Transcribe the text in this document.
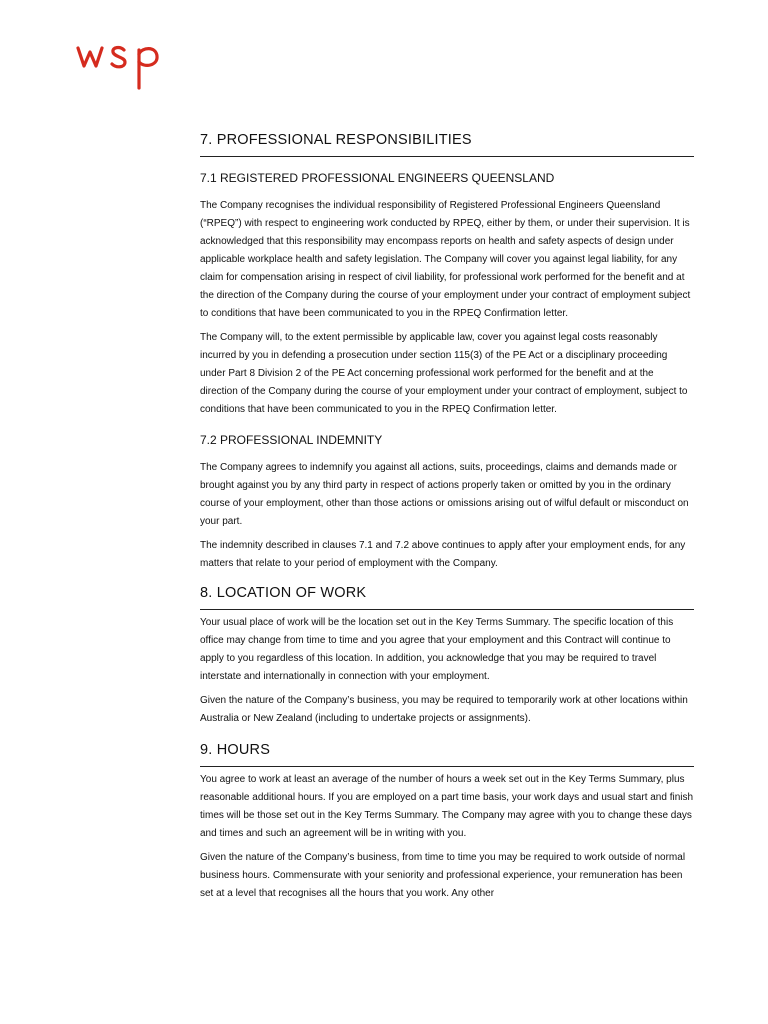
7. PROFESSIONAL RESPONSIBILITIES
7.1 REGISTERED PROFESSIONAL ENGINEERS QUEENSLAND

The Company recognises the individual responsibility of Registered Professional Engineers Queensland (“RPEQ”) with respect to engineering work conducted by RPEQ, either by them, or under their supervision. It is acknowledged that this responsibility may encompass reports on health and safety aspects of design under applicable workplace health and safety legislation. The Company will cover you against legal liability, for any claim for compensation arising in respect of civil liability, for professional work performed for the benefit and at the direction of the Company during the course of your employment under your contract of employment subject to conditions that have been communicated to you in the RPEQ Confirmation letter.

The Company will, to the extent permissible by applicable law, cover you against legal costs reasonably incurred by you in defending a prosecution under section 115(3) of the PE Act or a disciplinary proceeding under Part 8 Division 2 of the PE Act concerning professional work performed for the benefit and at the direction of the Company during the course of your employment under your contract of employment, subject to conditions that have been communicated to you in the RPEQ Confirmation letter.

7.2 PROFESSIONAL INDEMNITY

The Company agrees to indemnify you against all actions, suits, proceedings, claims and demands made or brought against you by any third party in respect of actions properly taken or omitted by you in the ordinary course of your employment, other than those actions or omissions arising out of wilful default or misconduct on your part.

The indemnity described in clauses 7.1 and 7.2 above continues to apply after your employment ends, for any matters that relate to your period of employment with the Company.

8. LOCATION OF WORK

Your usual place of work will be the location set out in the Key Terms Summary. The specific location of this office may change from time to time and you agree that your employment and this Contract will continue to apply to you regardless of this location. In addition, you acknowledge that you may be required to travel interstate and internationally in connection with your employment.

Given the nature of the Company’s business, you may be required to temporarily work at other locations within Australia or New Zealand (including to undertake projects or assignments).

9. HOURS

You agree to work at least an average of the number of hours a week set out in the Key Terms Summary, plus reasonable additional hours. If you are employed on a part time basis, your work days and usual start and finish times will be those set out in the Key Terms Summary. The Company may agree with you to change these days and times and such an agreement will be in writing with you.

Given the nature of the Company’s business, from time to time you may be required to work outside of normal business hours. Commensurate with your seniority and professional experience, your remuneration has been set at a level that recognises all the hours that you work. Any other
